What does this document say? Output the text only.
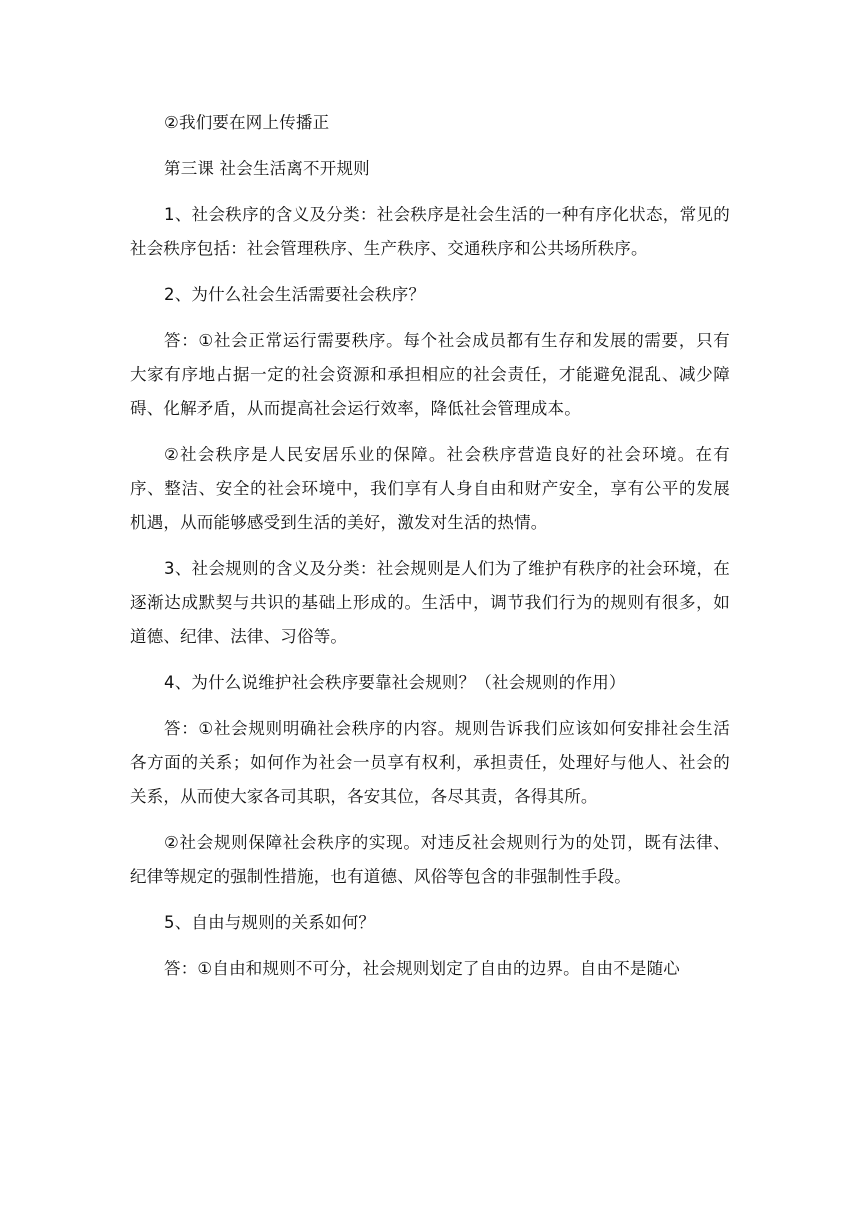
②我们要在网上传播正

第三课 社会生活离不开规则

1、社会秩序的含义及分类：社会秩序是社会生活的一种有序化状态，常见的社会秩序包括：社会管理秩序、生产秩序、交通秩序和公共场所秩序。

2、为什么社会生活需要社会秩序？

答：①社会正常运行需要秩序。每个社会成员都有生存和发展的需要，只有大家有序地占据一定的社会资源和承担相应的社会责任，才能避免混乱、减少障碍、化解矛盾，从而提高社会运行效率，降低社会管理成本。

②社会秩序是人民安居乐业的保障。社会秩序营造良好的社会环境。在有序、整洁、安全的社会环境中，我们享有人身自由和财产安全，享有公平的发展机遇，从而能够感受到生活的美好，激发对生活的热情。

3、社会规则的含义及分类：社会规则是人们为了维护有秩序的社会环境，在逐渐达成默契与共识的基础上形成的。生活中，调节我们行为的规则有很多，如道德、纪律、法律、习俗等。

4、为什么说维护社会秩序要靠社会规则？（社会规则的作用）

答：①社会规则明确社会秩序的内容。规则告诉我们应该如何安排社会生活各方面的关系；如何作为社会一员享有权利，承担责任，处理好与他人、社会的关系，从而使大家各司其职，各安其位，各尽其责，各得其所。

②社会规则保障社会秩序的实现。对违反社会规则行为的处罚，既有法律、纪律等规定的强制性措施，也有道德、风俗等包含的非强制性手段。

5、自由与规则的关系如何？

答：①自由和规则不可分，社会规则划定了自由的边界。自由不是随心
